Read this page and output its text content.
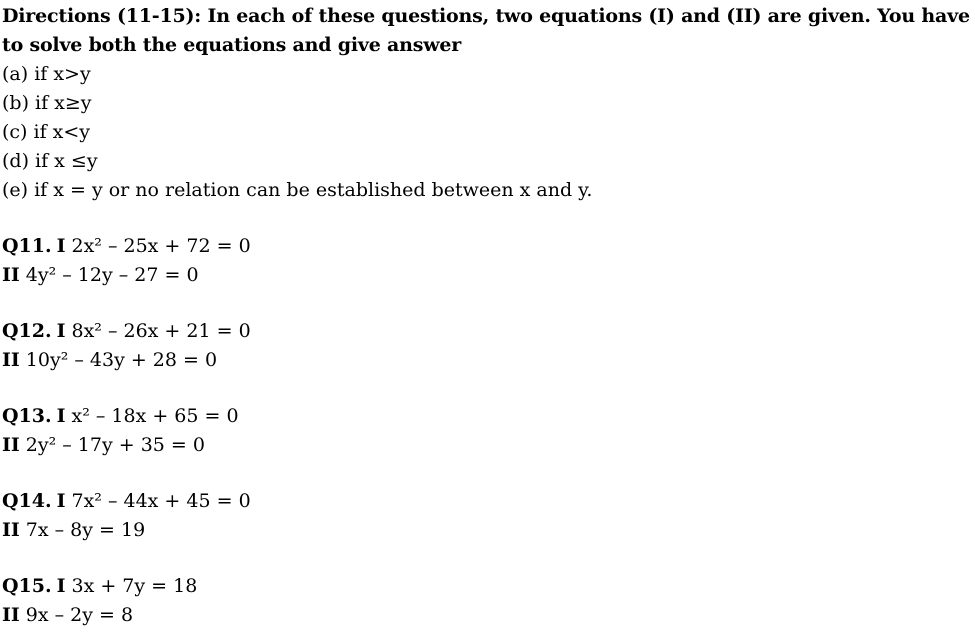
Directions (11-15): In each of these questions, two equations (I) and (II) are given. You have to solve both the equations and give answer

(a) if x>y
(b) if x≥y
(c) if x<y
(d) if x ≤y
(e) if x = y or no relation can be established between x and y.
Q11. I 2x² – 25x + 72 = 0
II 4y² – 12y – 27 = 0
Q12. I 8x² – 26x + 21 = 0
II 10y² – 43y + 28 = 0
Q13. I x² – 18x + 65 = 0
II 2y² – 17y + 35 = 0
Q14. I 7x² – 44x + 45 = 0
II 7x – 8y = 19
Q15. I 3x + 7y = 18
II 9x – 2y = 8
